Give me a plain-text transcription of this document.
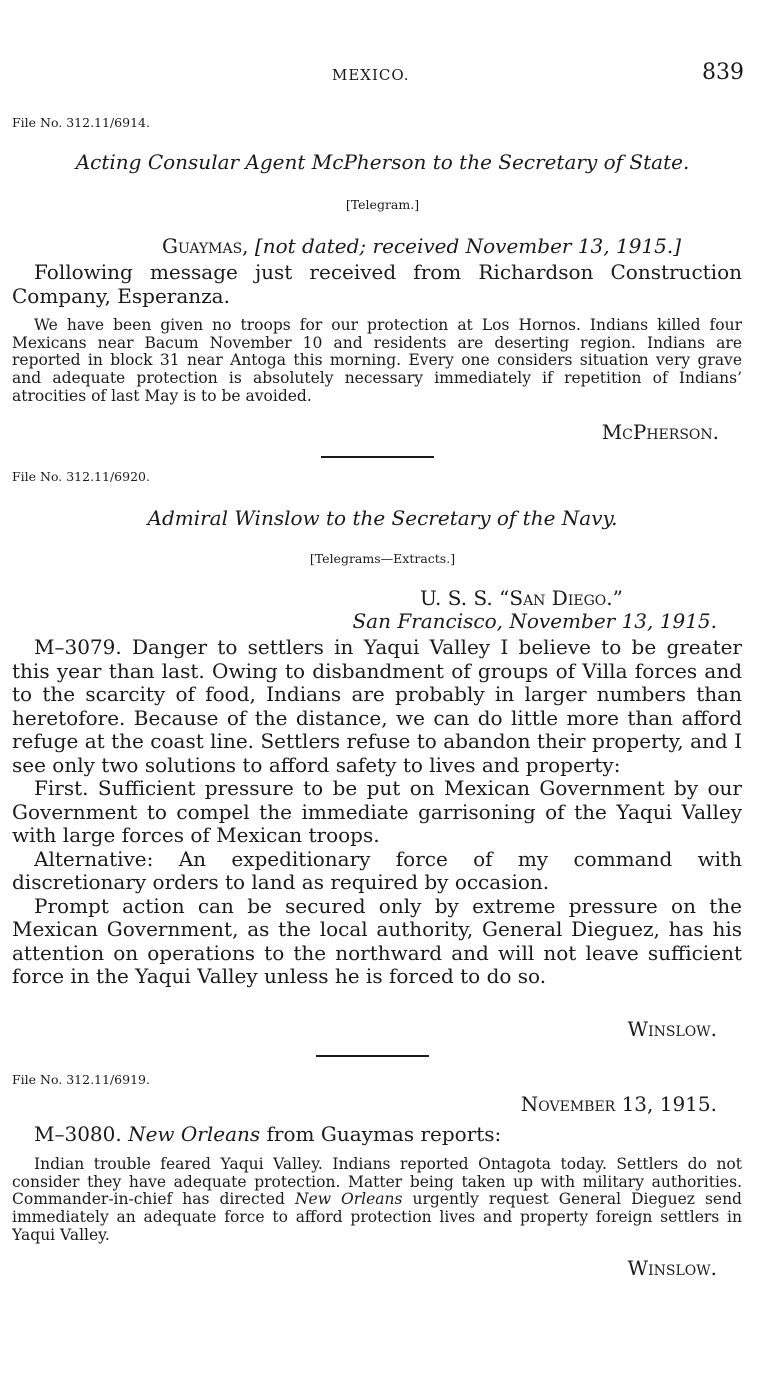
MEXICO.	839
File No. 312.11/6914.
Acting Consular Agent McPherson to the Secretary of State.
[Telegram.]
Guaymas, [not dated; received November 13, 1915.]

Following message just received from Richardson Construction Company, Esperanza.

We have been given no troops for our protection at Los Hornos. Indians killed four Mexicans near Bacum November 10 and residents are deserting region. Indians are reported in block 31 near Antoga this morning. Every one considers situation very grave and adequate protection is absolutely necessary immediately if repetition of Indians’ atrocities of last May is to be avoided.

McPherson.
File No. 312.11/6920.
Admiral Winslow to the Secretary of the Navy.
[Telegrams—Extracts.]
U. S. S. “San Diego.”
San Francisco, November 13, 1915.

M–3079. Danger to settlers in Yaqui Valley I believe to be greater this year than last. Owing to disbandment of groups of Villa forces and to the scarcity of food, Indians are probably in larger numbers than heretofore. Because of the distance, we can do little more than afford refuge at the coast line. Settlers refuse to abandon their property, and I see only two solutions to afford safety to lives and property:

First. Sufficient pressure to be put on Mexican Government by our Government to compel the immediate garrisoning of the Yaqui Valley with large forces of Mexican troops.

Alternative: An expeditionary force of my command with discretionary orders to land as required by occasion.

Prompt action can be secured only by extreme pressure on the Mexican Government, as the local authority, General Dieguez, has his attention on operations to the northward and will not leave sufficient force in the Yaqui Valley unless he is forced to do so.

Winslow.
File No. 312.11/6919.
November 13, 1915.
M–3080. New Orleans from Guaymas reports:

Indian trouble feared Yaqui Valley. Indians reported Ontagota today. Settlers do not consider they have adequate protection. Matter being taken up with military authorities. Commander-in-chief has directed New Orleans urgently request General Dieguez send immediately an adequate force to afford protection lives and property foreign settlers in Yaqui Valley.

Winslow.
